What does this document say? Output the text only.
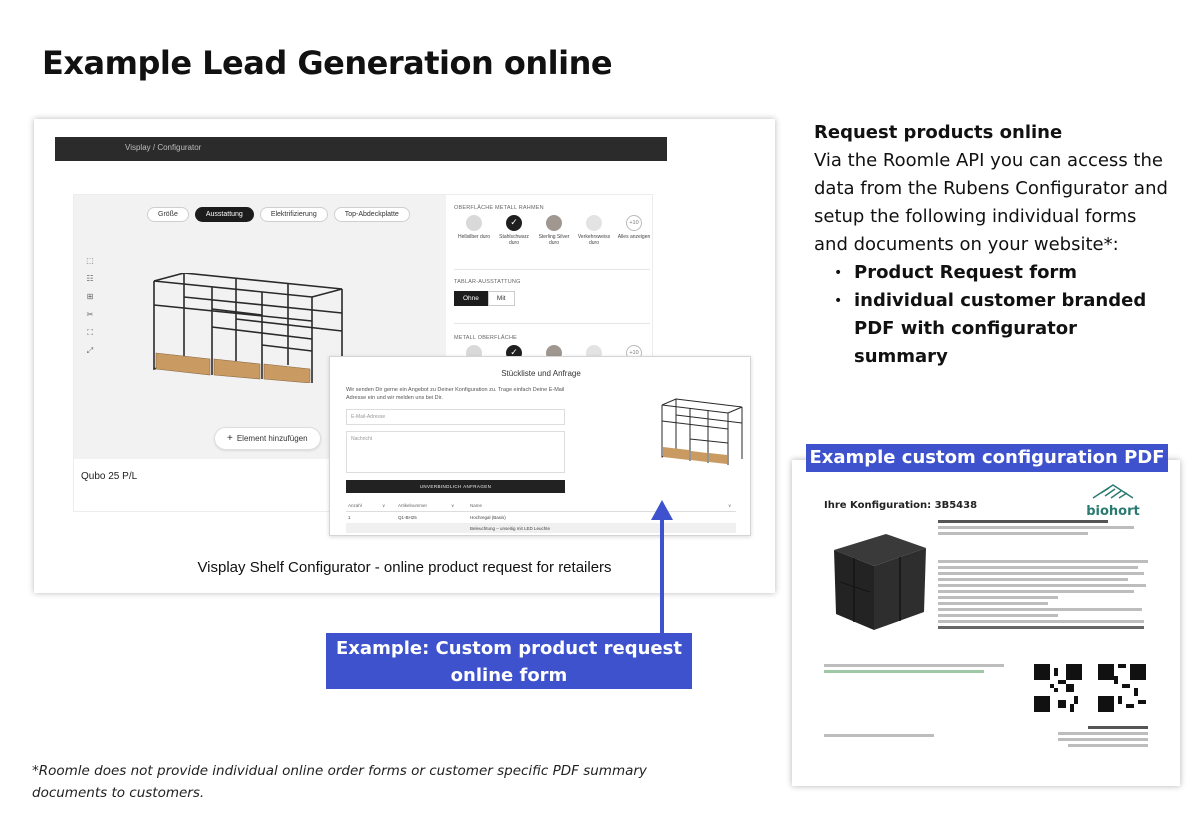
Example Lead Generation online
Visplay / Configurator
Größe	Ausstattung	Elektrifizierung	Top-Abdeckplatte
⬚
☷
⊞
✂
⛶
⤢
+ Element hinzufügen
Qubo 25 P/L
OBERFLÄCHE METALL RAHMEN
Hellsilber duro
✓	Stahlschwarz duro
Sterling Silver duro
Verkehrsweiss duro
+10
Alles anzeigen
TABLAR-AUSSTATTUNG
Ohne	Mit
METALL OBERFLÄCHE
✓
+10
Stückliste und Anfrage
Wir senden Dir gerne ein Angebot zu Deiner Konfiguration zu. Trage einfach Deine E-Mail Adresse ein und wir melden uns bei Dir.
E-Mail-Adresse
Nachricht
UNVERBINDLICH ANFRAGEN
Anzahl	∨	Artikelnummer	∨	Name	∨
1	Q1-BH25	Hochregal (Basis)
Beleuchtung – unseitig mit LED Leuchte
Visplay Shelf Configurator - online product request for retailers
Example: Custom product request online form
Request products online
Via the Roomle API you can access the data from the Rubens Configurator and setup the following individual forms and documents on your website*:
• Product Request form
• individual customer branded PDF with configurator summary
Ihre Konfiguration: 3B5438	biohort
Example custom configuration PDF
*Roomle does not provide individual online order forms or customer specific PDF summary documents to customers.
